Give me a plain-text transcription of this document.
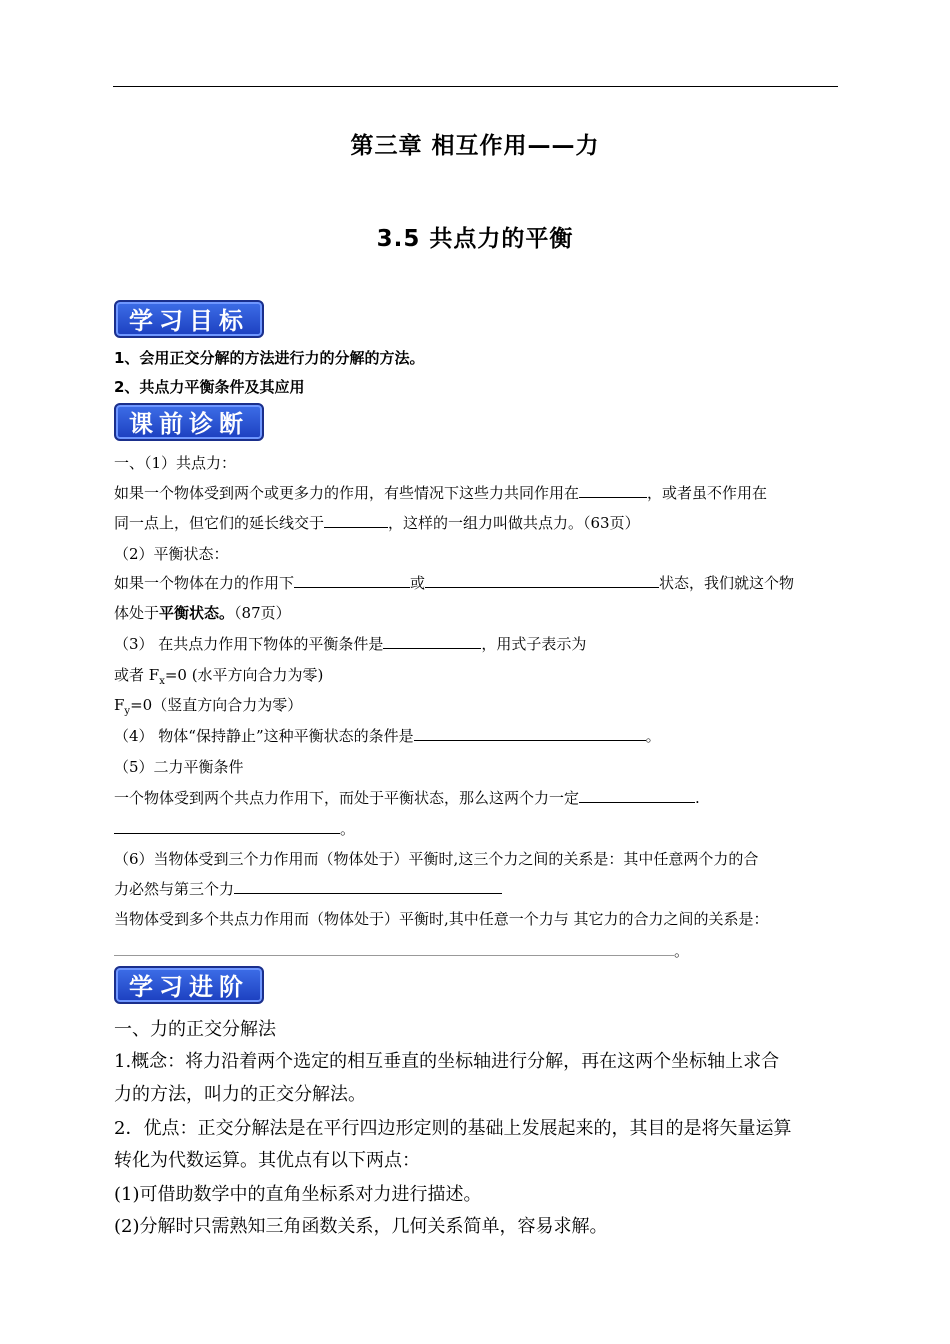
第三章 相互作用——力
3.5 共点力的平衡
学习目标
1、会用正交分解的方法进行力的分解的方法。
2、共点力平衡条件及其应用
课前诊断
一、（1）共点力：
如果一个物体受到两个或更多力的作用，有些情况下这些力共同作用在	，或者虽不作用在
同一点上，但它们的延长线交于	，这样的一组力叫做共点力。（63页）
（2）平衡状态：
如果一个物体在力的作用下	或	状态，我们就这个物
体处于平衡状态。（87页）
（3） 在共点力作用下物体的平衡条件是	，用式子表示为
或者 $F_x=0$ (水平方向合力为零)
$F_y=0$（竖直方向合力为零）
（4） 物体“保持静止”这种平衡状态的条件是	。
（5）二力平衡条件
一个物体受到两个共点力作用下，而处于平衡状态，那么这两个力一定	.
。
（6）当物体受到三个力作用而（物体处于）平衡时,这三个力之间的关系是：其中任意两个力的合
力必然与第三个力
当物体受到多个共点力作用而（物体处于）平衡时,其中任意一个力与 其它力的合力之间的关系是：
。
学习进阶
一、力的正交分解法
1.概念：将力沿着两个选定的相互垂直的坐标轴进行分解，再在这两个坐标轴上求合
力的方法，叫力的正交分解法。
2．优点：正交分解法是在平行四边形定则的基础上发展起来的，其目的是将矢量运算
转化为代数运算。其优点有以下两点：
(1)可借助数学中的直角坐标系对力进行描述。
(2)分解时只需熟知三角函数关系，几何关系简单，容易求解。
